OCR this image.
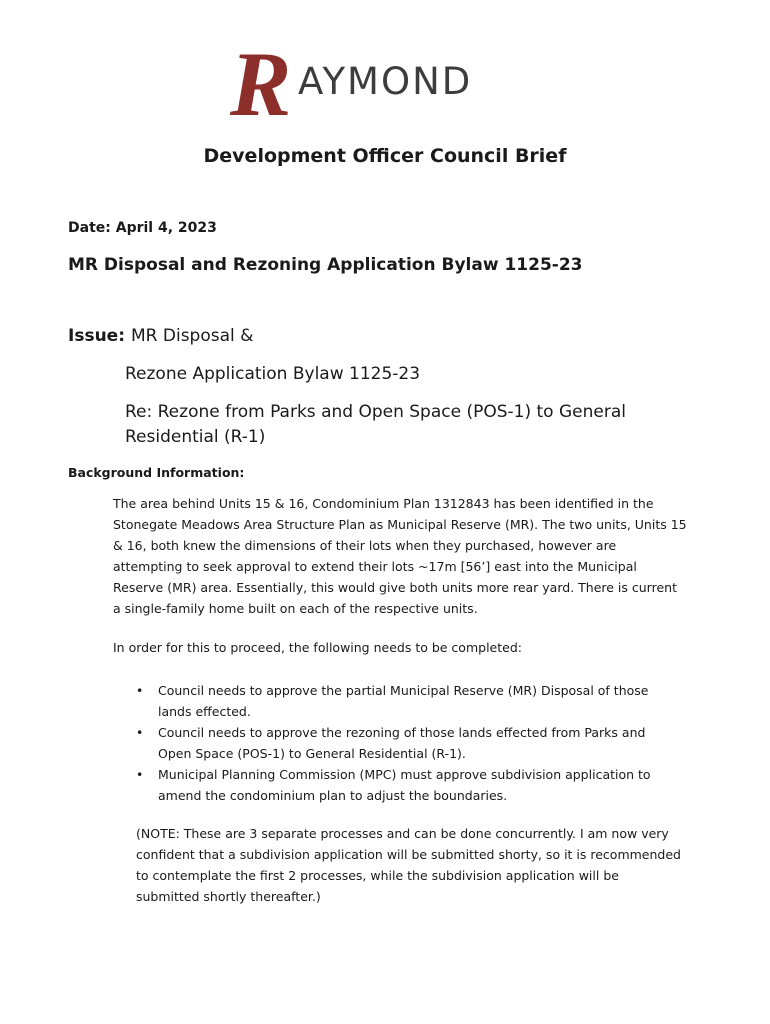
R AYMOND
Development Officer Council Brief
Date: April 4, 2023
MR Disposal and Rezoning Application Bylaw 1125-23
Issue: MR Disposal &
Rezone Application Bylaw 1125-23
Re: Rezone from Parks and Open Space (POS-1) to General Residential (R-1)
Background Information:
The area behind Units 15 & 16, Condominium Plan 1312843 has been identified in the Stonegate Meadows Area Structure Plan as Municipal Reserve (MR). The two units, Units 15 & 16, both knew the dimensions of their lots when they purchased, however are attempting to seek approval to extend their lots ~17m [56’] east into the Municipal Reserve (MR) area. Essentially, this would give both units more rear yard. There is current a single-family home built on each of the respective units.
In order for this to proceed, the following needs to be completed:
• Council needs to approve the partial Municipal Reserve (MR) Disposal of those lands effected.
• Council needs to approve the rezoning of those lands effected from Parks and Open Space (POS-1) to General Residential (R-1).
• Municipal Planning Commission (MPC) must approve subdivision application to amend the condominium plan to adjust the boundaries.
(NOTE: These are 3 separate processes and can be done concurrently. I am now very confident that a subdivision application will be submitted shorty, so it is recommended to contemplate the first 2 processes, while the subdivision application will be submitted shortly thereafter.)
